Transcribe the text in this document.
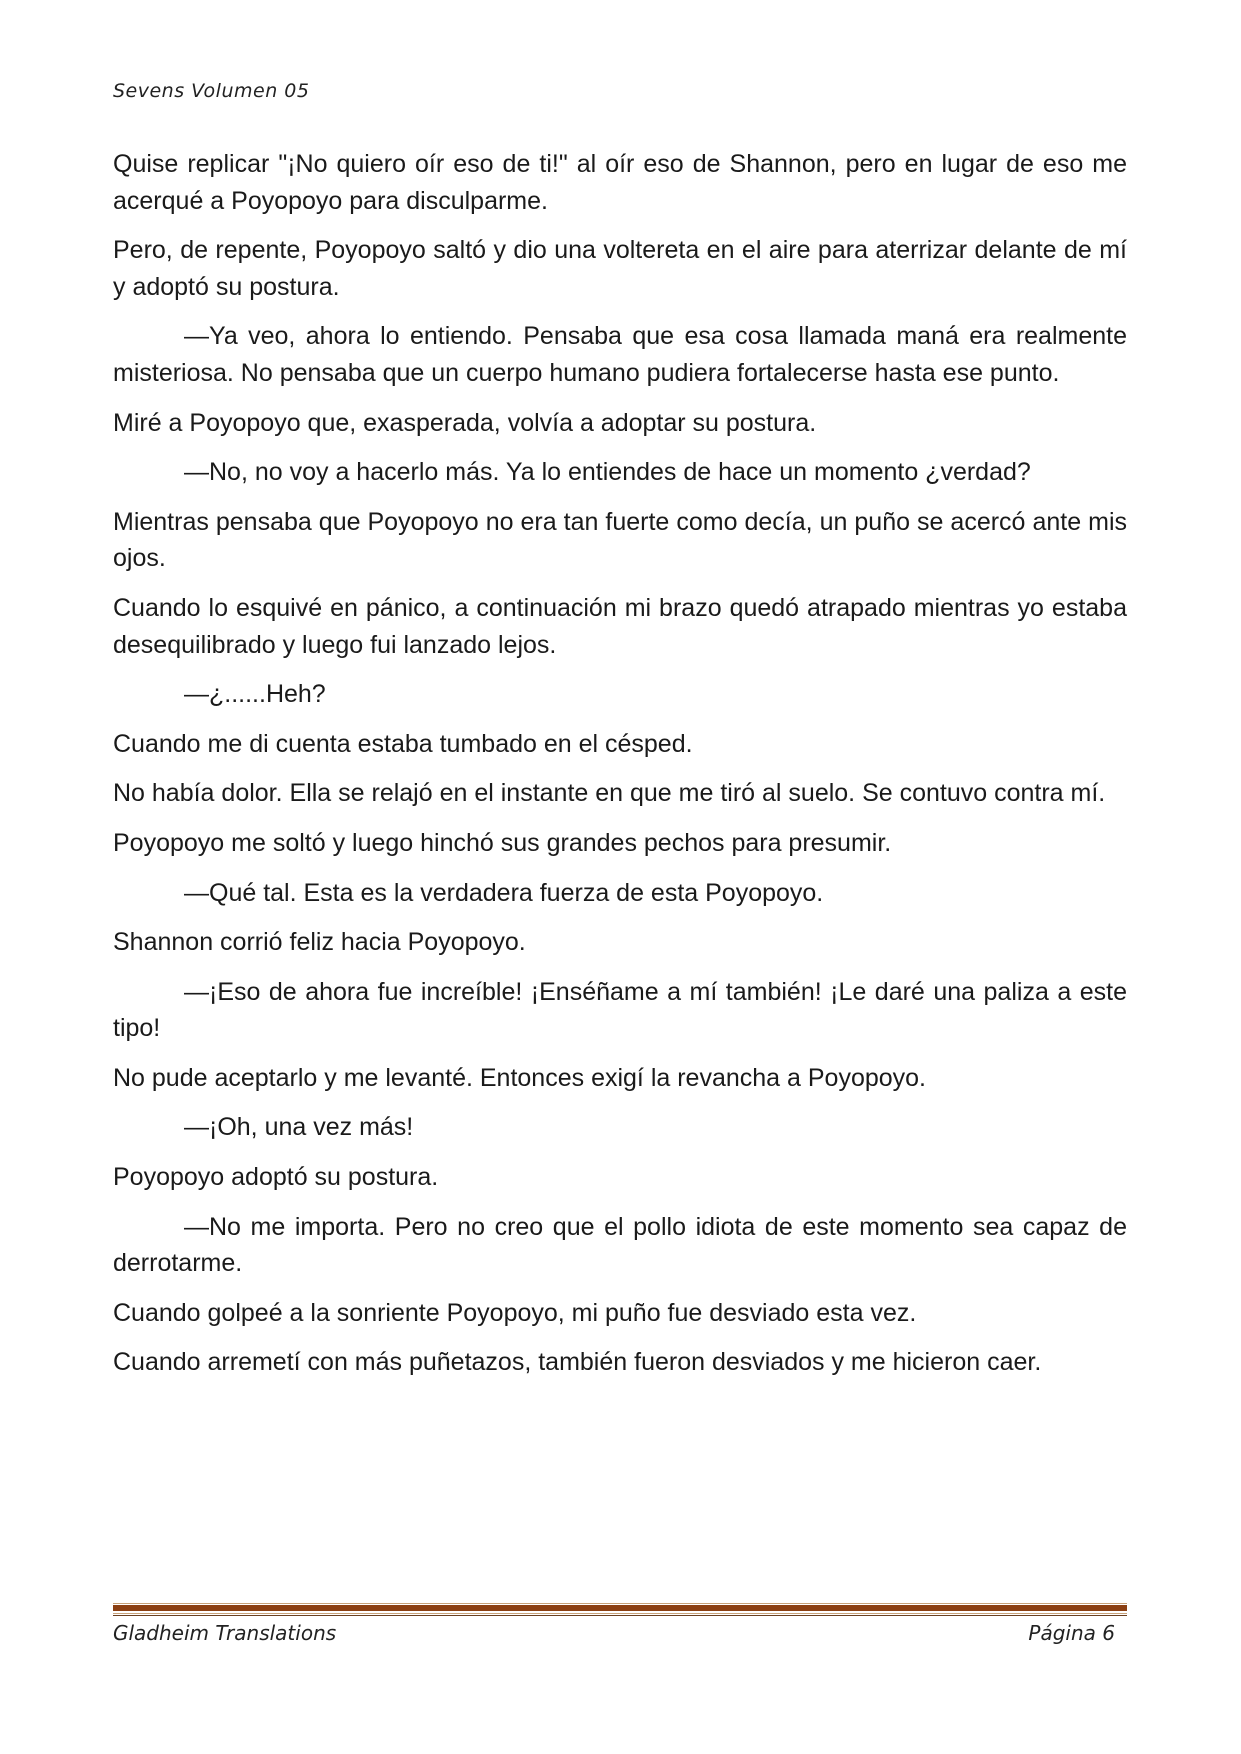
Sevens Volumen 05

Quise replicar "¡No quiero oír eso de ti!" al oír eso de Shannon, pero en lugar de eso me acerqué a Poyopoyo para disculparme.

Pero, de repente, Poyopoyo saltó y dio una voltereta en el aire para aterrizar delante de mí y adoptó su postura.

—Ya veo, ahora lo entiendo. Pensaba que esa cosa llamada maná era realmente misteriosa. No pensaba que un cuerpo humano pudiera fortalecerse hasta ese punto.

Miré a Poyopoyo que, exasperada, volvía a adoptar su postura.

—No, no voy a hacerlo más. Ya lo entiendes de hace un momento ¿verdad?

Mientras pensaba que Poyopoyo no era tan fuerte como decía, un puño se acercó ante mis ojos.

Cuando lo esquivé en pánico, a continuación mi brazo quedó atrapado mientras yo estaba desequilibrado y luego fui lanzado lejos.

—¿......Heh?

Cuando me di cuenta estaba tumbado en el césped.

No había dolor. Ella se relajó en el instante en que me tiró al suelo. Se contuvo contra mí.

Poyopoyo me soltó y luego hinchó sus grandes pechos para presumir.

—Qué tal. Esta es la verdadera fuerza de esta Poyopoyo.

Shannon corrió feliz hacia Poyopoyo.

—¡Eso de ahora fue increíble! ¡Enséñame a mí también! ¡Le daré una paliza a este tipo!

No pude aceptarlo y me levanté. Entonces exigí la revancha a Poyopoyo.

—¡Oh, una vez más!

Poyopoyo adoptó su postura.

—No me importa. Pero no creo que el pollo idiota de este momento sea capaz de derrotarme.

Cuando golpeé a la sonriente Poyopoyo, mi puño fue desviado esta vez.

Cuando arremetí con más puñetazos, también fueron desviados y me hicieron caer.

Gladheim Translations	Página 6
